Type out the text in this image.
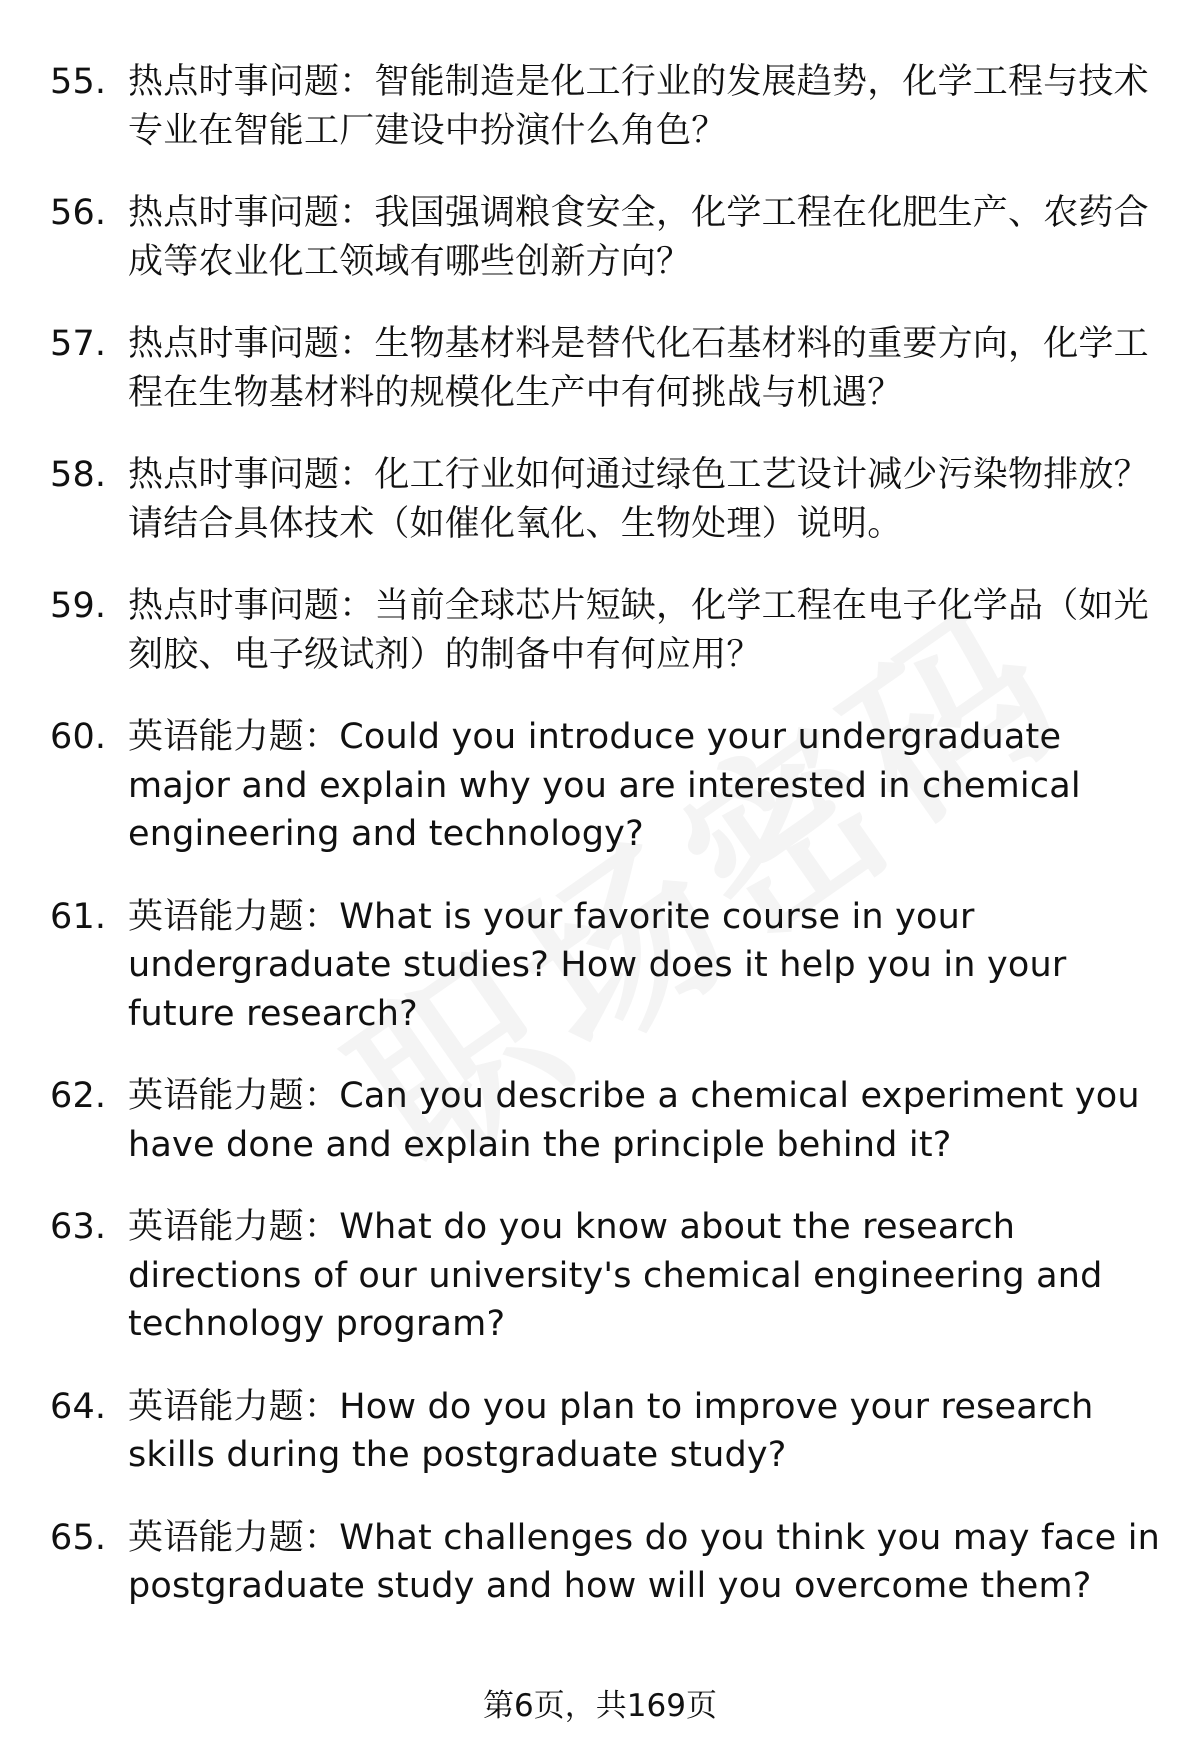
55. 热点时事问题：智能制造是化工行业的发展趋势，化学工程与技术专业在智能工厂建设中扮演什么角色？
56. 热点时事问题：我国强调粮食安全，化学工程在化肥生产、农药合成等农业化工领域有哪些创新方向？
57. 热点时事问题：生物基材料是替代化石基材料的重要方向，化学工程在生物基材料的规模化生产中有何挑战与机遇？
58. 热点时事问题：化工行业如何通过绿色工艺设计减少污染物排放？请结合具体技术（如催化氧化、生物处理）说明。
59. 热点时事问题：当前全球芯片短缺，化学工程在电子化学品（如光刻胶、电子级试剂）的制备中有何应用？
60. 英语能力题：Could you introduce your undergraduate major and explain why you are interested in chemical engineering and technology?
61. 英语能力题：What is your favorite course in your undergraduate studies? How does it help you in your future research?
62. 英语能力题：Can you describe a chemical experiment you have done and explain the principle behind it?
63. 英语能力题：What do you know about the research directions of our university's chemical engineering and technology program?
64. 英语能力题：How do you plan to improve your research skills during the postgraduate study?
65. 英语能力题：What challenges do you think you may face in postgraduate study and how will you overcome them?
第6页，共169页
